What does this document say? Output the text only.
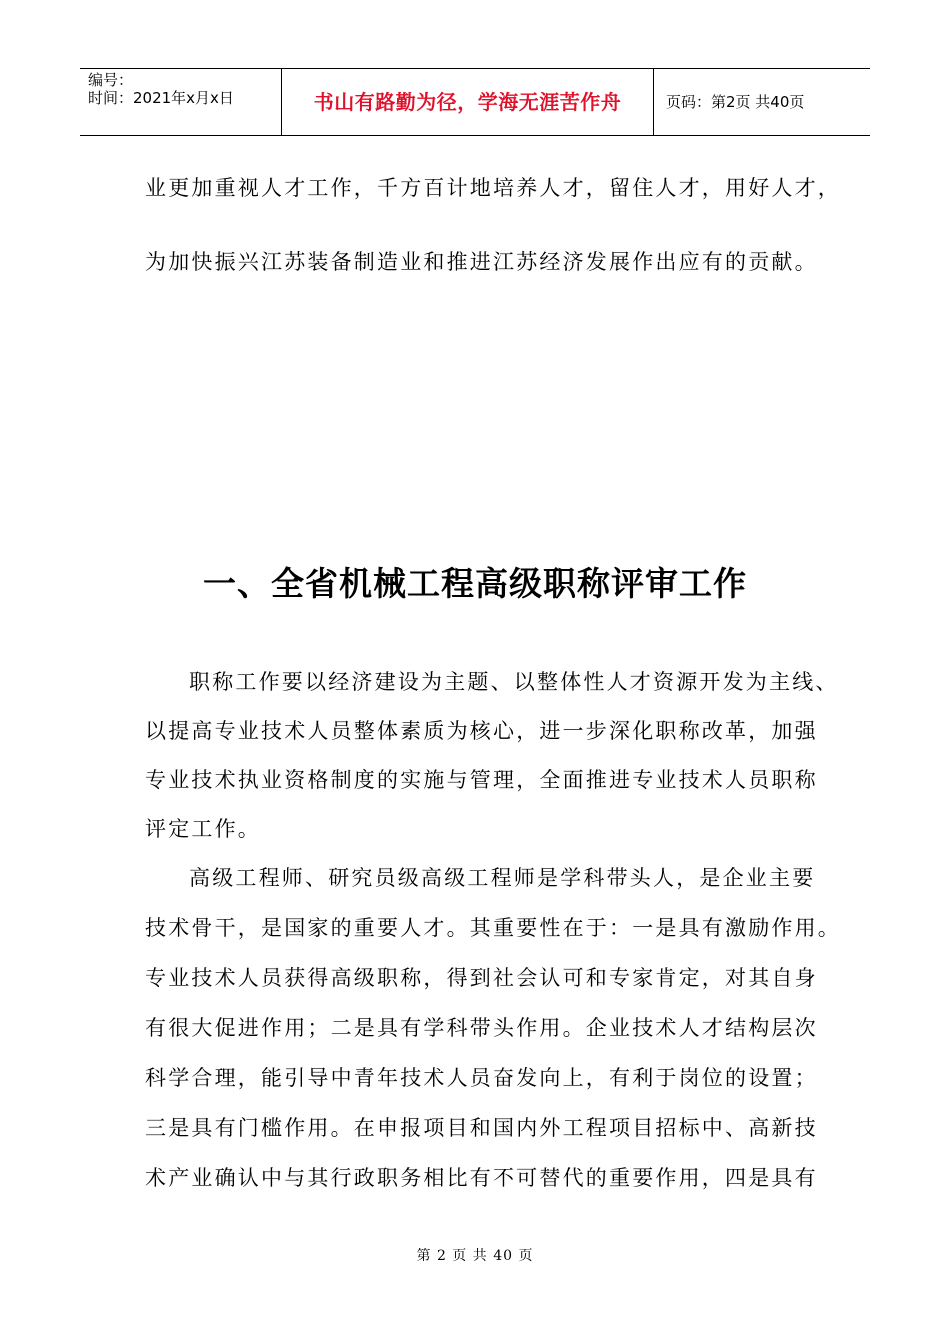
编号：
时间：2021年x月x日	书山有路勤为径，学海无涯苦作舟	页码：第2页 共40页
业更加重视人才工作，千方百计地培养人才，留住人才，用好人才，
为加快振兴江苏装备制造业和推进江苏经济发展作出应有的贡献。
一、全省机械工程高级职称评审工作
职称工作要以经济建设为主题、以整体性人才资源开发为主线、
以提高专业技术人员整体素质为核心，进一步深化职称改革，加强
专业技术执业资格制度的实施与管理，全面推进专业技术人员职称
评定工作。
高级工程师、研究员级高级工程师是学科带头人，是企业主要
技术骨干，是国家的重要人才。其重要性在于：一是具有激励作用。
专业技术人员获得高级职称，得到社会认可和专家肯定，对其自身
有很大促进作用；二是具有学科带头作用。企业技术人才结构层次
科学合理，能引导中青年技术人员奋发向上，有利于岗位的设置；
三是具有门槛作用。在申报项目和国内外工程项目招标中、高新技
术产业确认中与其行政职务相比有不可替代的重要作用，四是具有
第 2 页 共 40 页
